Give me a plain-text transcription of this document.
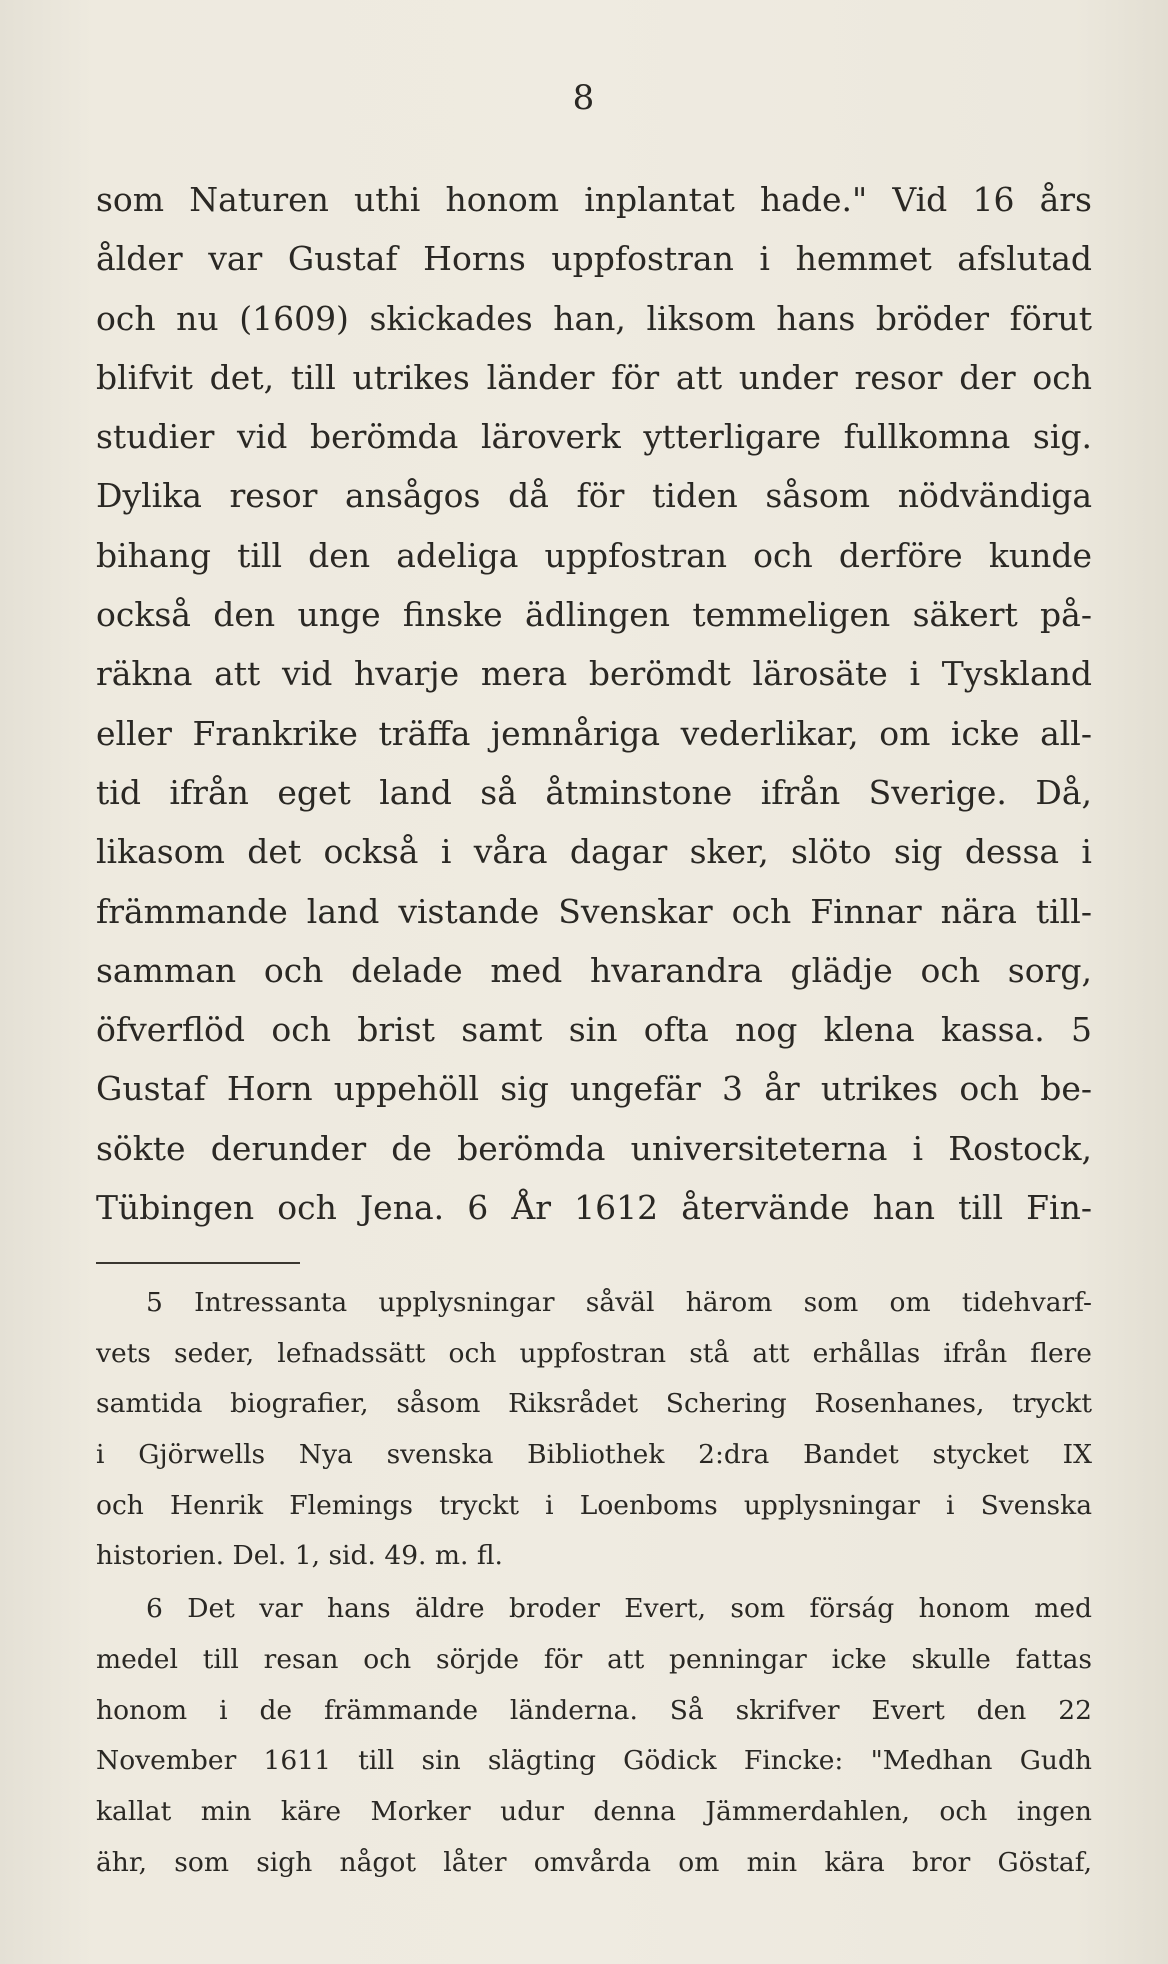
8
som Naturen uthi honom inplantat hade." Vid 16 års
ålder var Gustaf Horns uppfostran i hemmet afslutad
och nu (1609) skickades han, liksom hans bröder förut
blifvit det, till utrikes länder för att under resor der och
studier vid berömda läroverk ytterligare fullkomna sig.
Dylika resor ansågos då för tiden såsom nödvändiga
bihang till den adeliga uppfostran och derföre kunde
också den unge finske ädlingen temmeligen säkert på-
räkna att vid hvarje mera berömdt lärosäte i Tyskland
eller Frankrike träffa jemnåriga vederlikar, om icke all-
tid ifrån eget land så åtminstone ifrån Sverige. Då,
likasom det också i våra dagar sker, slöto sig dessa i
främmande land vistande Svenskar och Finnar nära till-
samman och delade med hvarandra glädje och sorg,
öfverflöd och brist samt sin ofta nog klena kassa. 5
Gustaf Horn uppehöll sig ungefär 3 år utrikes och be-
sökte derunder de berömda universiteterna i Rostock,
Tübingen och Jena. 6 År 1612 återvände han till Fin-
5 Intressanta upplysningar såväl härom som om tidehvarf-
vets seder, lefnadssätt och uppfostran stå att erhållas ifrån flere
samtida biografier, såsom Riksrådet Schering Rosenhanes, tryckt
i Gjörwells Nya svenska Bibliothek 2:dra Bandet stycket IX
och Henrik Flemings tryckt i Loenboms upplysningar i Svenska
historien. Del. 1, sid. 49. m. fl.
6 Det var hans äldre broder Evert, som förság honom med
medel till resan och sörjde för att penningar icke skulle fattas
honom i de främmande länderna. Så skrifver Evert den 22
November 1611 till sin slägting Gödick Fincke: "Medhan Gudh
kallat min käre Morker udur denna Jämmerdahlen, och ingen
ähr, som sigh något låter omvårda om min kära bror Göstaf,
